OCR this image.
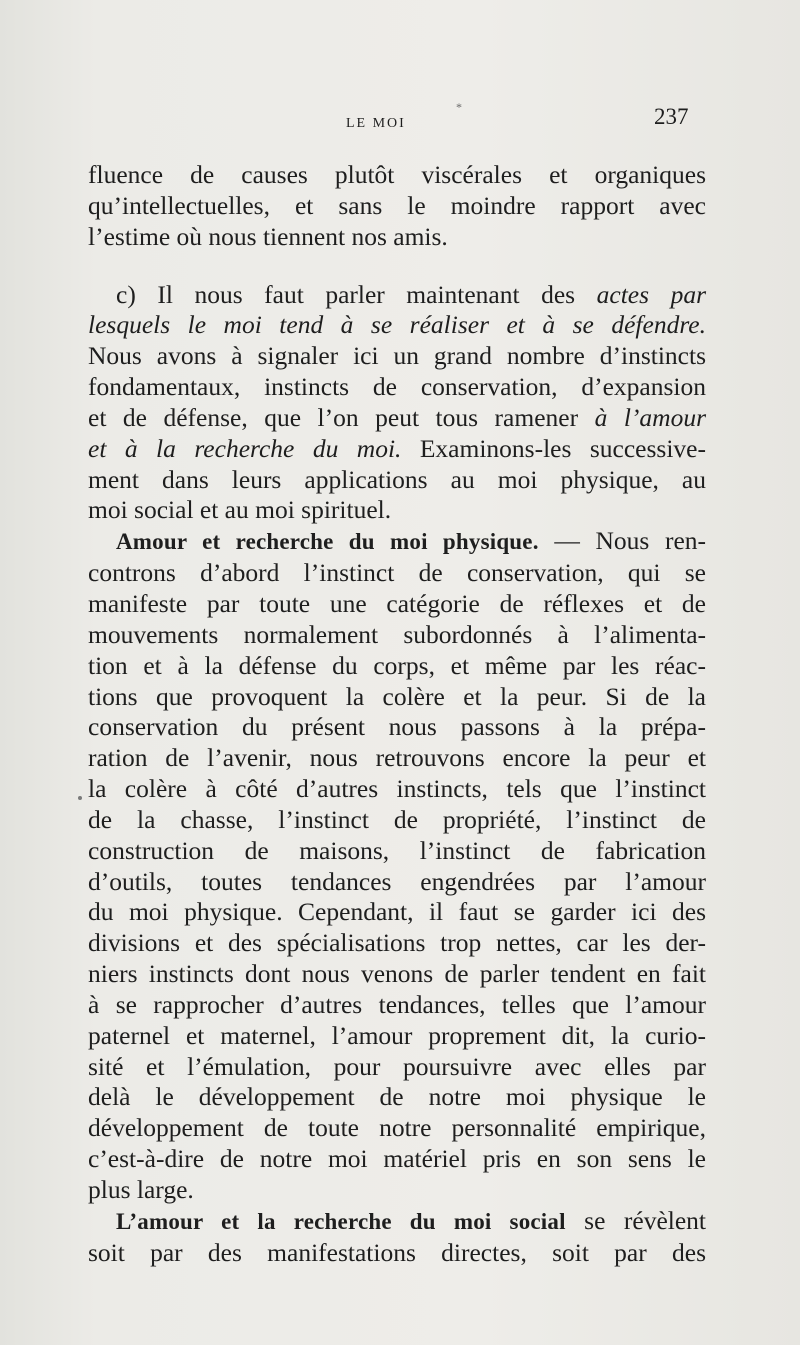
LE MOI
*	237
fluence de causes plutôt viscérales et organiques
qu’intellectuelles, et sans le moindre rapport avec
l’estime où nous tiennent nos amis.
c) Il nous faut parler maintenant des actes par
lesquels le moi tend à se réaliser et à se défendre.
Nous avons à signaler ici un grand nombre d’instincts
fondamentaux, instincts de conservation, d’expansion
et de défense, que l’on peut tous ramener à l’amour
et à la recherche du moi. Examinons-les successive-
ment dans leurs applications au moi physique, au
moi social et au moi spirituel.
Amour et recherche du moi physique. — Nous ren-
controns d’abord l’instinct de conservation, qui se
manifeste par toute une catégorie de réflexes et de
mouvements normalement subordonnés à l’alimenta-
tion et à la défense du corps, et même par les réac-
tions que provoquent la colère et la peur. Si de la
conservation du présent nous passons à la prépa-
ration de l’avenir, nous retrouvons encore la peur et
la colère à côté d’autres instincts, tels que l’instinct
de la chasse, l’instinct de propriété, l’instinct de
construction de maisons, l’instinct de fabrication
d’outils, toutes tendances engendrées par l’amour
du moi physique. Cependant, il faut se garder ici des
divisions et des spécialisations trop nettes, car les der-
niers instincts dont nous venons de parler tendent en fait
à se rapprocher d’autres tendances, telles que l’amour
paternel et maternel, l’amour proprement dit, la curio-
sité et l’émulation, pour poursuivre avec elles par
delà le développement de notre moi physique le
développement de toute notre personnalité empirique,
c’est-à-dire de notre moi matériel pris en son sens le
plus large.
L’amour et la recherche du moi social se révèlent
soit par des manifestations directes, soit par des
